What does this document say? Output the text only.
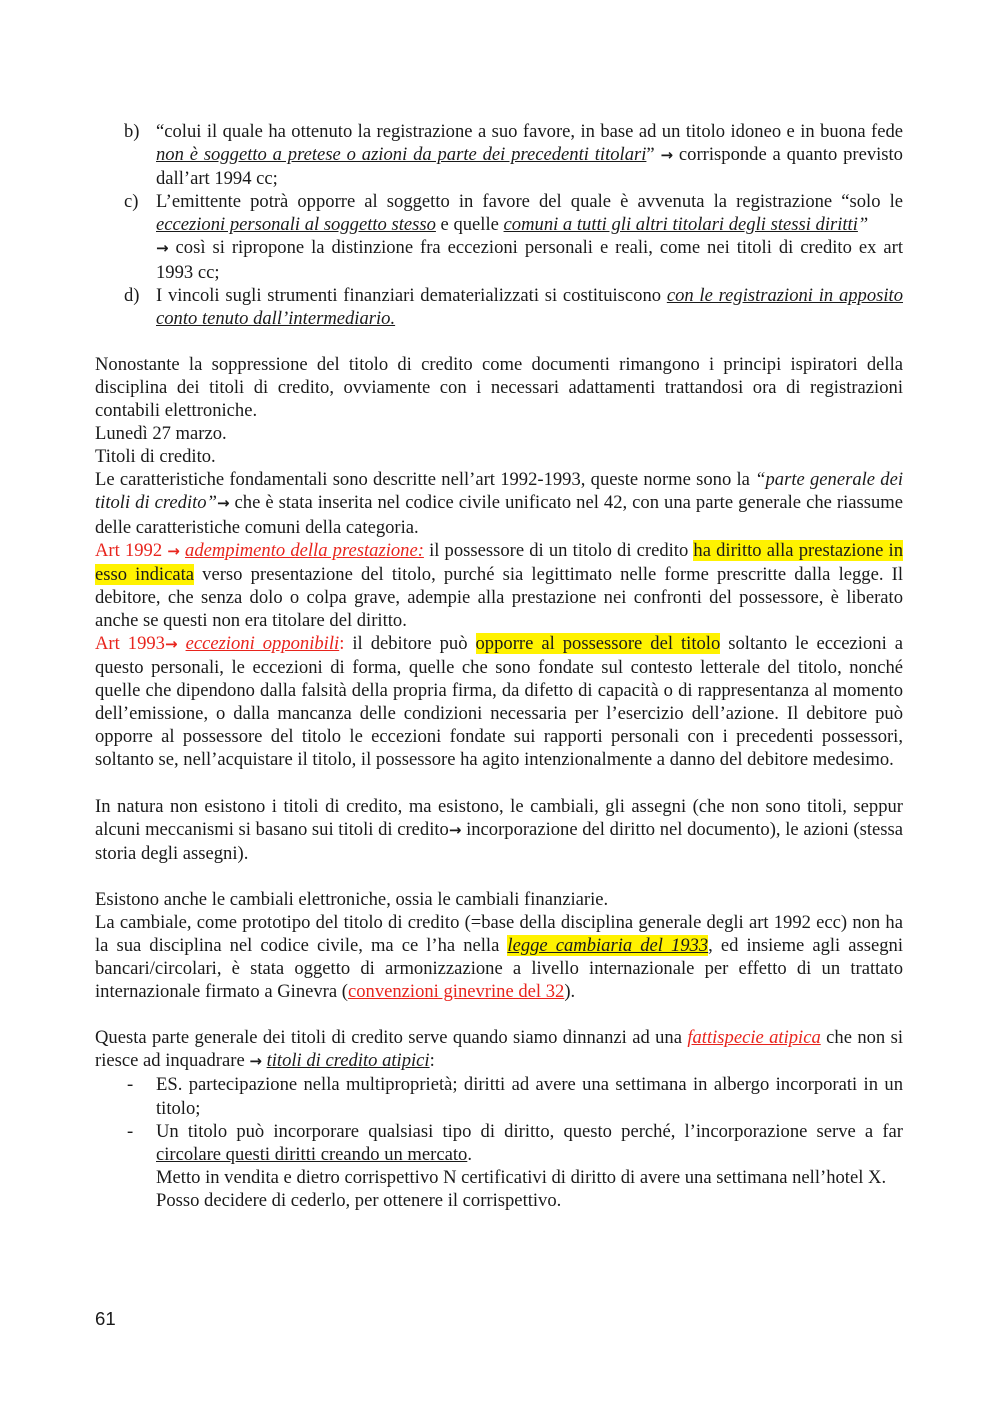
b) “colui il quale ha ottenuto la registrazione a suo favore, in base ad un titolo idoneo e in buona fede non è soggetto a pretese o azioni da parte dei precedenti titolari” → corrisponde a quanto previsto dall’art 1994 cc;
c) L’emittente potrà opporre al soggetto in favore del quale è avvenuta la registrazione “solo le eccezioni personali al soggetto stesso e quelle comuni a tutti gli altri titolari degli stessi diritti”
→ così si ripropone la distinzione fra eccezioni personali e reali, come nei titoli di credito ex art 1993 cc;
d) I vincoli sugli strumenti finanziari dematerializzati si costituiscono con le registrazioni in apposito conto tenuto dall’intermediario.

Nonostante la soppressione del titolo di credito come documenti rimangono i principi ispiratori della disciplina dei titoli di credito, ovviamente con i necessari adattamenti trattandosi ora di registrazioni contabili elettroniche.

Lunedì 27 marzo.

Titoli di credito.

Le caratteristiche fondamentali sono descritte nell’art 1992-1993, queste norme sono la “parte generale dei titoli di credito”→ che è stata inserita nel codice civile unificato nel 42, con una parte generale che riassume delle caratteristiche comuni della categoria.

Art 1992 → adempimento della prestazione: il possessore di un titolo di credito ha diritto alla prestazione in esso indicata verso presentazione del titolo, purché sia legittimato nelle forme prescritte dalla legge. Il debitore, che senza dolo o colpa grave, adempie alla prestazione nei confronti del possessore, è liberato anche se questi non era titolare del diritto.

Art 1993→ eccezioni opponibili: il debitore può opporre al possessore del titolo soltanto le eccezioni a questo personali, le eccezioni di forma, quelle che sono fondate sul contesto letterale del titolo, nonché quelle che dipendono dalla falsità della propria firma, da difetto di capacità o di rappresentanza al momento dell’emissione, o dalla mancanza delle condizioni necessaria per l’esercizio dell’azione. Il debitore può opporre al possessore del titolo le eccezioni fondate sui rapporti personali con i precedenti possessori, soltanto se, nell’acquistare il titolo, il possessore ha agito intenzionalmente a danno del debitore medesimo.

In natura non esistono i titoli di credito, ma esistono, le cambiali, gli assegni (che non sono titoli, seppur alcuni meccanismi si basano sui titoli di credito→ incorporazione del diritto nel documento), le azioni (stessa storia degli assegni).

Esistono anche le cambiali elettroniche, ossia le cambiali finanziarie.

La cambiale, come prototipo del titolo di credito (=base della disciplina generale degli art 1992 ecc) non ha la sua disciplina nel codice civile, ma ce l’ha nella legge cambiaria del 1933, ed insieme agli assegni bancari/circolari, è stata oggetto di armonizzazione a livello internazionale per effetto di un trattato internazionale firmato a Ginevra (convenzioni ginevrine del 32).

Questa parte generale dei titoli di credito serve quando siamo dinnanzi ad una fattispecie atipica che non si riesce ad inquadrare → titoli di credito atipici:

- ES. partecipazione nella multiproprietà; diritti ad avere una settimana in albergo incorporati in un titolo;
- Un titolo può incorporare qualsiasi tipo di diritto, questo perché, l’incorporazione serve a far circolare questi diritti creando un mercato.
Metto in vendita e dietro corrispettivo N certificativi di diritto di avere una settimana nell’hotel X.
Posso decidere di cederlo, per ottenere il corrispettivo.
61
